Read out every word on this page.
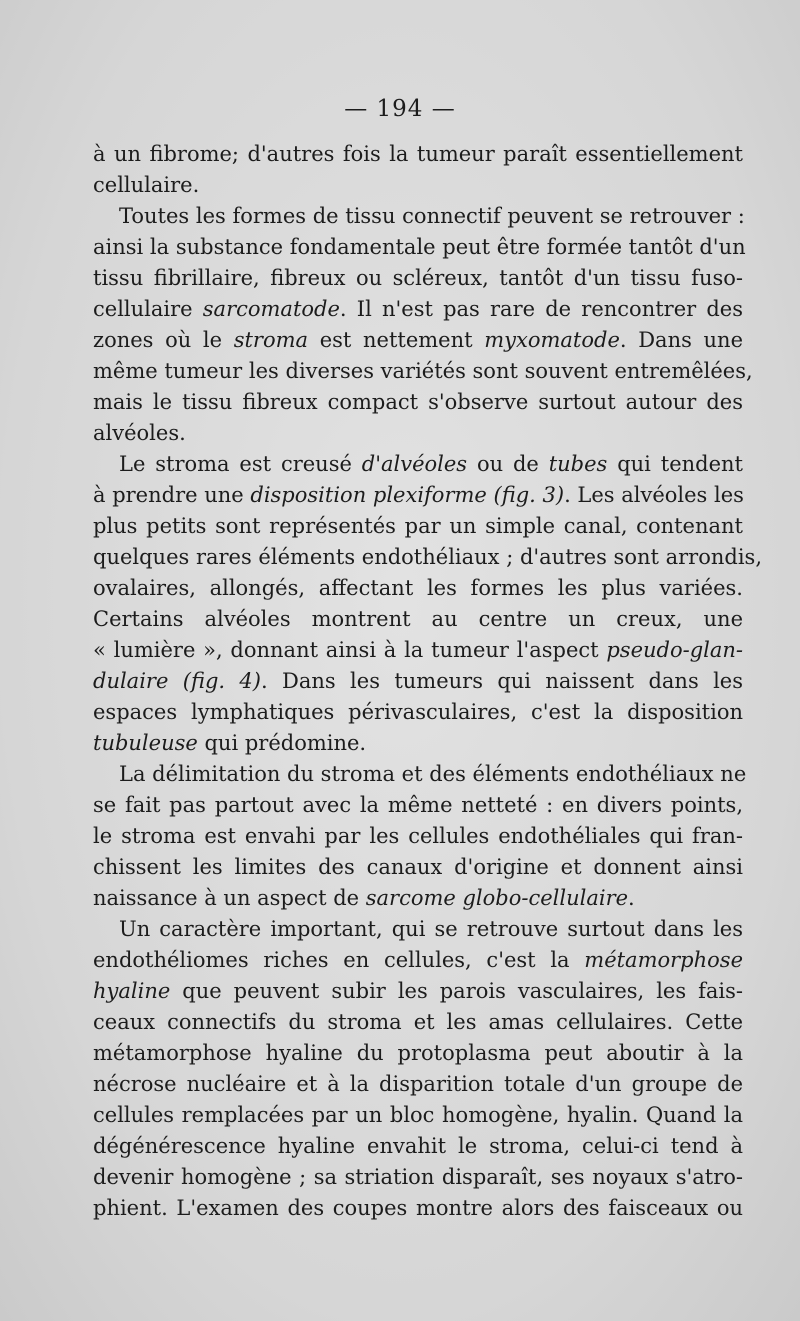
— 194 —
à un fibrome; d'autres fois la tumeur paraît essentiellement
cellulaire.
Toutes les formes de tissu connectif peuvent se retrouver :
ainsi la substance fondamentale peut être formée tantôt d'un
tissu fibrillaire, fibreux ou scléreux, tantôt d'un tissu fuso-
cellulaire sarcomatode. Il n'est pas rare de rencontrer des
zones où le stroma est nettement myxomatode. Dans une
même tumeur les diverses variétés sont souvent entremêlées,
mais le tissu fibreux compact s'observe surtout autour des
alvéoles.
Le stroma est creusé d'alvéoles ou de tubes qui tendent
à prendre une disposition plexiforme (fig. 3). Les alvéoles les
plus petits sont représentés par un simple canal, contenant
quelques rares éléments endothéliaux ; d'autres sont arrondis,
ovalaires, allongés, affectant les formes les plus variées.
Certains alvéoles montrent au centre un creux, une
« lumière », donnant ainsi à la tumeur l'aspect pseudo-glan-
dulaire (fig. 4). Dans les tumeurs qui naissent dans les
espaces lymphatiques périvasculaires, c'est la disposition
tubuleuse qui prédomine.
La délimitation du stroma et des éléments endothéliaux ne
se fait pas partout avec la même netteté : en divers points,
le stroma est envahi par les cellules endothéliales qui fran-
chissent les limites des canaux d'origine et donnent ainsi
naissance à un aspect de sarcome globo-cellulaire.
Un caractère important, qui se retrouve surtout dans les
endothéliomes riches en cellules, c'est la métamorphose
hyaline que peuvent subir les parois vasculaires, les fais-
ceaux connectifs du stroma et les amas cellulaires. Cette
métamorphose hyaline du protoplasma peut aboutir à la
nécrose nucléaire et à la disparition totale d'un groupe de
cellules remplacées par un bloc homogène, hyalin. Quand la
dégénérescence hyaline envahit le stroma, celui-ci tend à
devenir homogène ; sa striation disparaît, ses noyaux s'atro-
phient. L'examen des coupes montre alors des faisceaux ou
